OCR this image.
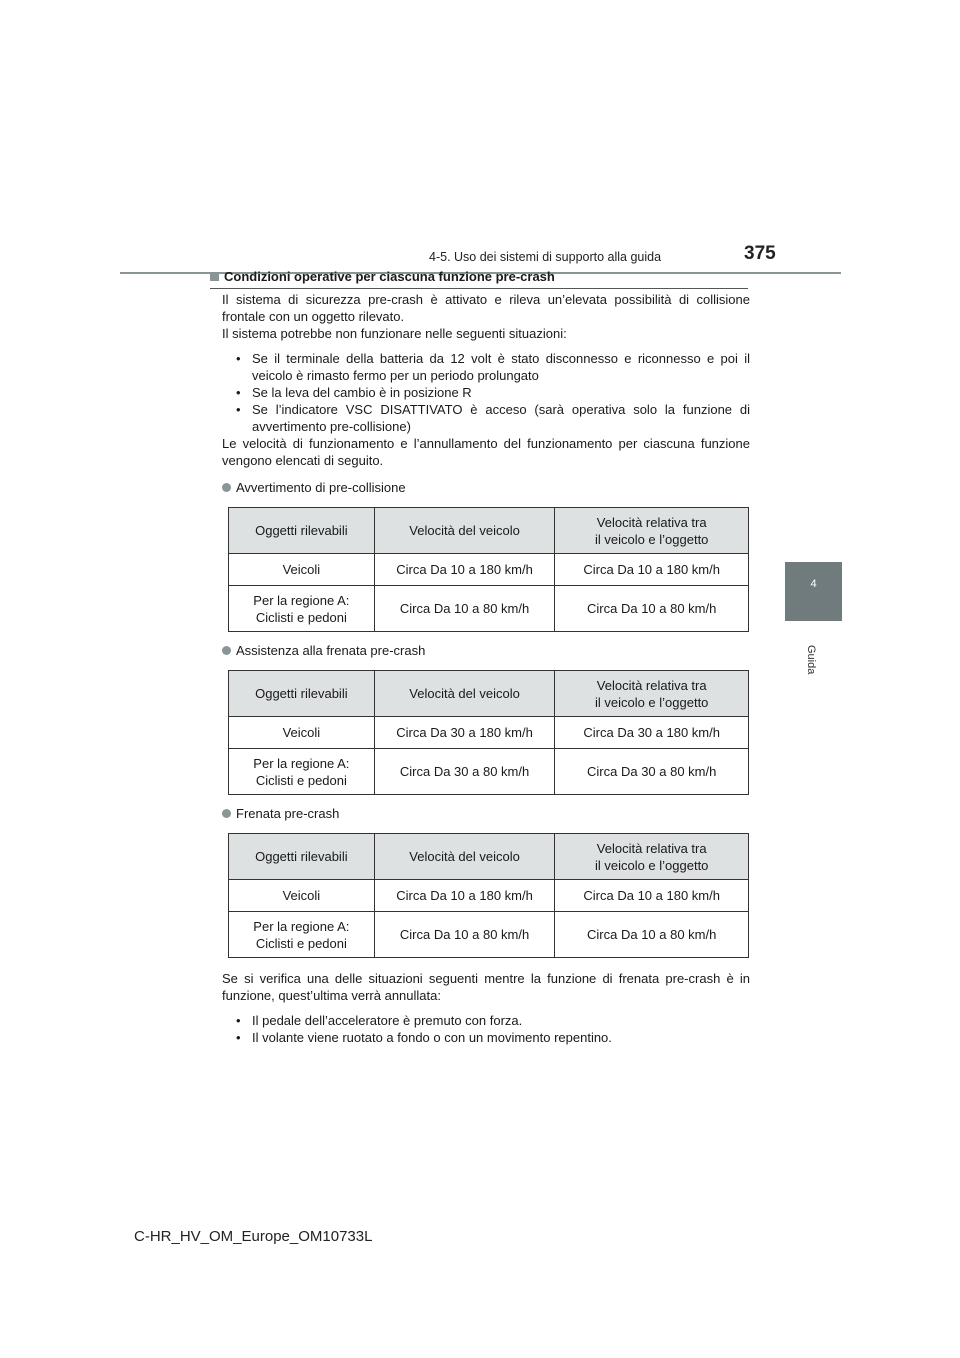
4-5. Uso dei sistemi di supporto alla guida	375
4
Guida
Condizioni operative per ciascuna funzione pre-crash
Il sistema di sicurezza pre-crash è attivato e rileva un’elevata possibilità di collisione frontale con un oggetto rilevato.
Il sistema potrebbe non funzionare nelle seguenti situazioni:
• Se il terminale della batteria da 12 volt è stato disconnesso e riconnesso e poi il veicolo è rimasto fermo per un periodo prolungato
• Se la leva del cambio è in posizione R
• Se l’indicatore VSC DISATTIVATO è acceso (sarà operativa solo la funzione di avvertimento pre-collisione)
Le velocità di funzionamento e l’annullamento del funzionamento per ciascuna funzione vengono elencati di seguito.
Avvertimento di pre-collisione
Oggetti rilevabili	Velocità del veicolo	Velocità relativa tra
il veicolo e l’oggetto
Veicoli	Circa Da 10 a 180 km/h	Circa Da 10 a 180 km/h
Per la regione A:
Ciclisti e pedoni	Circa Da 10 a 80 km/h	Circa Da 10 a 80 km/h
Assistenza alla frenata pre-crash
Oggetti rilevabili	Velocità del veicolo	Velocità relativa tra
il veicolo e l’oggetto
Veicoli	Circa Da 30 a 180 km/h	Circa Da 30 a 180 km/h
Per la regione A:
Ciclisti e pedoni	Circa Da 30 a 80 km/h	Circa Da 30 a 80 km/h
Frenata pre-crash
Oggetti rilevabili	Velocità del veicolo	Velocità relativa tra
il veicolo e l’oggetto
Veicoli	Circa Da 10 a 180 km/h	Circa Da 10 a 180 km/h
Per la regione A:
Ciclisti e pedoni	Circa Da 10 a 80 km/h	Circa Da 10 a 80 km/h
Se si verifica una delle situazioni seguenti mentre la funzione di frenata pre-crash è in funzione, quest’ultima verrà annullata:
• Il pedale dell’acceleratore è premuto con forza.
• Il volante viene ruotato a fondo o con un movimento repentino.
C-HR_HV_OM_Europe_OM10733L
